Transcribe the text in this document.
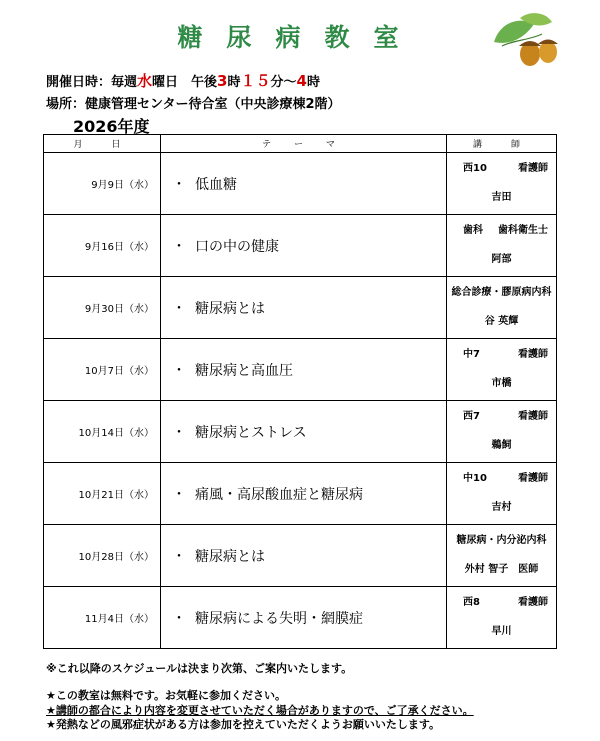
糖尿病教室
開催日時：毎週水曜日　午後3時１５分～4時
場所：健康管理センター待合室（中央診療棟2階）
2026年度
月　日	テ ー マ	講　師
9月9日（水）	・ 低血糖	西10 看護師
吉田

9月16日（水）	・ 口の中の健康	歯科 歯科衛生士
阿部

9月30日（水）	・ 糖尿病とは	総合診療・膠原病内科
谷 英輝

10月7日（水）	・ 糖尿病と高血圧	中7 看護師
市橋

10月14日（水）	・ 糖尿病とストレス	西7 看護師
鵜飼

10月21日（水）	・ 痛風・高尿酸血症と糖尿病	中10 看護師
吉村

10月28日（水）	・ 糖尿病とは	糖尿病・内分泌内科
外村 智子　医師

11月4日（水）	・ 糖尿病による失明・網膜症	西8 看護師
早川
※これ以降のスケジュールは決まり次第、ご案内いたします。
★この教室は無料です。お気軽に参加ください。
★講師の都合により内容を変更させていただく場合がありますので、ご了承ください。
★発熱などの風邪症状がある方は参加を控えていただくようお願いいたします。
